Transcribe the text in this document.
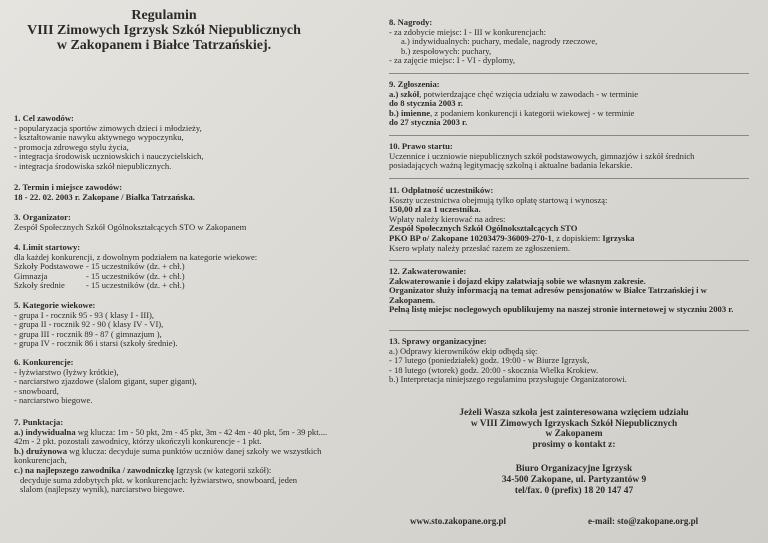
Regulamin
VIII Zimowych Igrzysk Szkół Niepublicznych
w Zakopanem i Białce Tatrzańskiej.
1. Cel zawodów:
- popularyzacja sportów zimowych dzieci i młodzieży,
- kształtowanie nawyku aktywnego wypoczynku,
- promocja zdrowego stylu życia,
- integracja środowisk uczniowskich i nauczycielskich,
- integracja środowiska szkół niepublicznych.
2. Termin i miejsce zawodów:
18 - 22. 02. 2003 r. Zakopane / Białka Tatrzańska.
3. Organizator:
Zespół Społecznych Szkół Ogólnokształcących STO w Zakopanem
4. Limit startowy:
dla każdej konkurencji, z dowolnym podziałem na kategorie wiekowe:
Szkoły Podstawowe - 15 uczestników (dz. + chł.)
Gimnazja	- 15 uczestników (dz. + chł.)
Szkoły średnie	- 15 uczestników (dz. + chł.)
5. Kategorie wiekowe:
- grupa I - rocznik 95 - 93 ( klasy I - III),
- grupa II - rocznik 92 - 90 ( klasy IV - VI),
- grupa III - rocznik 89 - 87 ( gimnazjum ),
- grupa IV - rocznik 86 i starsi (szkoły średnie).
6. Konkurencje:
- łyżwiarstwo (łyżwy krótkie),
- narciarstwo zjazdowe (slalom gigant, super gigant),
- snowboard,
- narciarstwo biegowe.
7. Punktacja:
a.) indywidualna wg klucza: 1m - 50 pkt, 2m - 45 pkt, 3m - 42 4m - 40 pkt, 5m - 39 pkt.... 42m - 2 pkt. pozostali zawodnicy, którzy ukończyli konkurencje - 1 pkt.
b.) drużynowa wg klucza: decyduje suma punktów uczniów danej szkoły we wszystkich konkurencjach,
c.) na najlepszego zawodnika / zawodniczkę Igrzysk (w kategorii szkół):
decyduje suma zdobytych pkt. w konkurencjach: łyżwiarstwo, snowboard, jeden
slalom (najlepszy wynik), narciarstwo biegowe.
8. Nagrody:
- za zdobycie miejsc: I - III w konkurencjach:
a.) indywidualnych: puchary, medale, nagrody rzeczowe,
b.) zespołowych: puchary,
- za zajęcie miejsc: I - VI - dyplomy,
9. Zgłoszenia:
a.) szkół, potwierdzające chęć wzięcia udziału w zawodach - w terminie
do 8 stycznia 2003 r.
b.) imienne, z podaniem konkurencji i kategorii wiekowej - w terminie
do 27 stycznia 2003 r.
10. Prawo startu:
Uczennice i uczniowie niepublicznych szkół podstawowych, gimnazjów i szkół średnich posiadających ważną legitymację szkolną i aktualne badania lekarskie.
11. Odpłatność uczestników:
Koszty uczestnictwa obejmują tylko opłatę startową i wynoszą:
150,00 zł za 1 uczestnika.
Wpłaty należy kierować na adres:
Zespół Społecznych Szkół Ogólnokształcących STO
PKO BP o/ Zakopane 10203479-36009-270-1, z dopiskiem: Igrzyska
Ksero wpłaty należy przesłać razem ze zgłoszeniem.
12. Zakwaterowanie:
Zakwaterowanie i dojazd ekipy załatwiają sobie we własnym zakresie.
Organizator służy informacją na temat adresów pensjonatów w Białce Tatrzańskiej i w Zakopanem.
Pełną listę miejsc noclegowych opublikujemy na naszej stronie internetowej w styczniu 2003 r.
13. Sprawy organizacyjne:
a.) Odprawy kierowników ekip odbędą się:
- 17 lutego (poniedziałek) godz. 19:00 - w Biurze Igrzysk,
- 18 lutego (wtorek) godz. 20:00 - skocznia Wielka Krokiew.
b.) Interpretacja niniejszego regulaminu przysługuje Organizatorowi.
Jeżeli Wasza szkoła jest zainteresowana wzięciem udziału
w VIII Zimowych Igrzyskach Szkół Niepublicznych
w Zakopanem
prosimy o kontakt z:
Biuro Organizacyjne Igrzysk
34-500 Zakopane, ul. Partyzantów 9
tel/fax. 0 (prefix) 18 20 147 47
www.sto.zakopane.org.pl	e-mail: sto@zakopane.org.pl
